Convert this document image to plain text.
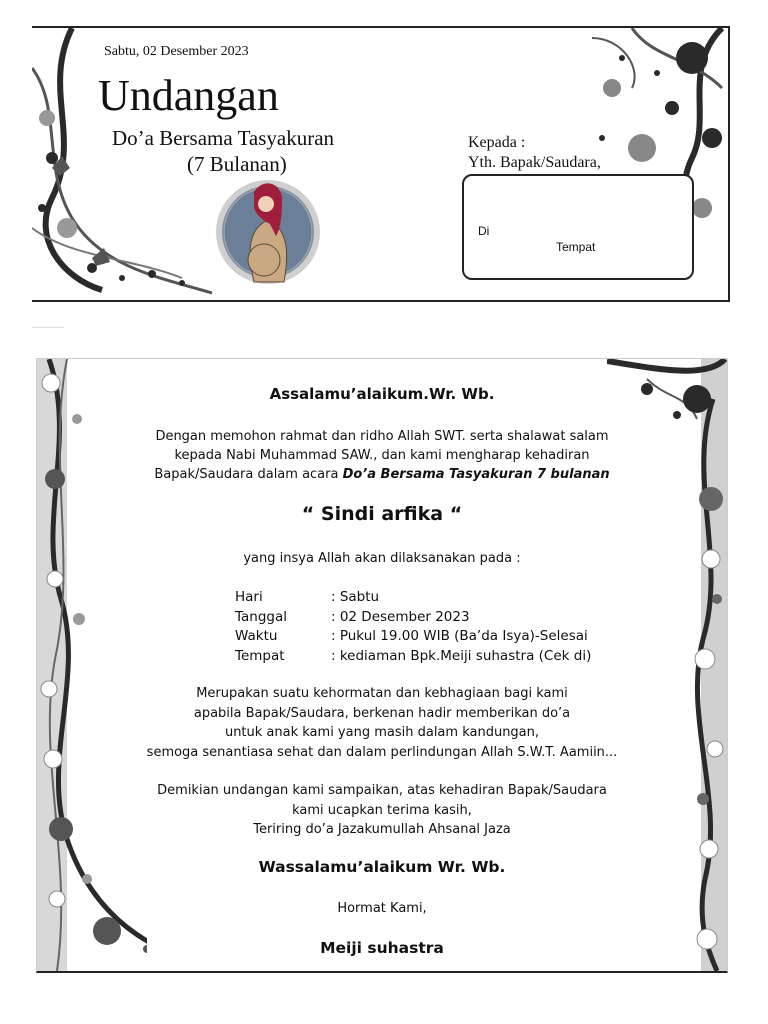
Sabtu, 02 Desember 2023
Undangan
Do’a Bersama Tasyakuran
(7 Bulanan)
Kepada :
Yth. Bapak/Saudara,
Di
Tempat
Assalamu’alaikum.Wr. Wb.
Dengan memohon rahmat dan ridho Allah SWT. serta shalawat salam
kepada Nabi Muhammad SAW., dan kami mengharap kehadiran
Bapak/Saudara dalam acara Do’a Bersama Tasyakuran 7 bulanan
“ Sindi arfika “
yang insya Allah akan dilaksanakan pada :
Hari	: Sabtu
Tanggal	: 02 Desember 2023
Waktu	: Pukul 19.00 WIB (Ba’da Isya)-Selesai
Tempat	: kediaman Bpk.Meiji suhastra (Cek di)
Merupakan suatu kehormatan dan kebhagiaan bagi kami
apabila Bapak/Saudara, berkenan hadir memberikan do’a
untuk anak kami yang masih dalam kandungan,
semoga senantiasa sehat dan dalam perlindungan Allah S.W.T. Aamiin...
Demikian undangan kami sampaikan, atas kehadiran Bapak/Saudara
kami ucapkan terima kasih,
Teriring do’a Jazakumullah Ahsanal Jaza
Wassalamu’alaikum Wr. Wb.
Hormat Kami,
Meiji suhastra
